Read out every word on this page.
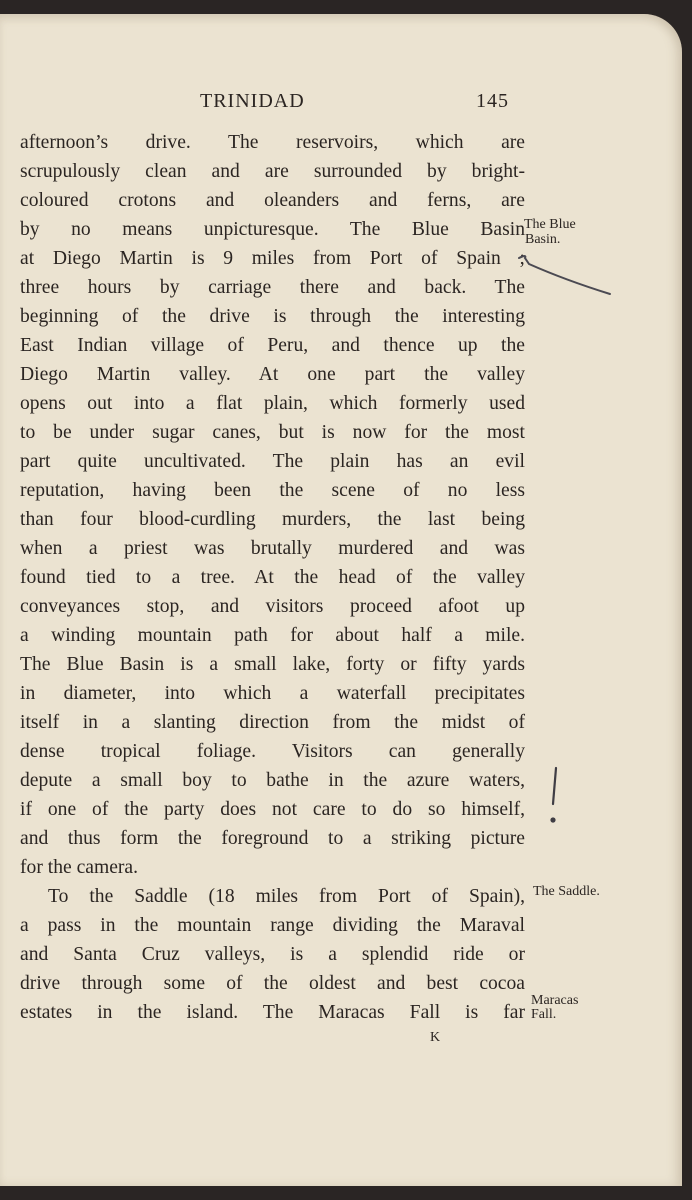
TRINIDAD	145
afternoon’s drive. The reservoirs, which are
scrupulously clean and are surrounded by bright-
coloured crotons and oleanders and ferns, are
by no means unpicturesque. The Blue Basin
at Diego Martin is 9 miles from Port of Spain ;
three hours by carriage there and back. The
beginning of the drive is through the interesting
East Indian village of Peru, and thence up the
Diego Martin valley. At one part the valley
opens out into a flat plain, which formerly used
to be under sugar canes, but is now for the most
part quite uncultivated. The plain has an evil
reputation, having been the scene of no less
than four blood-curdling murders, the last being
when a priest was brutally murdered and was
found tied to a tree. At the head of the valley
conveyances stop, and visitors proceed afoot up
a winding mountain path for about half a mile.
The Blue Basin is a small lake, forty or fifty yards
in diameter, into which a waterfall precipitates
itself in a slanting direction from the midst of
dense tropical foliage. Visitors can generally
depute a small boy to bathe in the azure waters,
if one of the party does not care to do so himself,
and thus form the foreground to a striking picture
for the camera.
To the Saddle (18 miles from Port of Spain),
a pass in the mountain range dividing the Maraval
and Santa Cruz valleys, is a splendid ride or
drive through some of the oldest and best cocoa
estates in the island. The Maracas Fall is far
The Blue
Basin.
The Saddle.
Maracas
Fall.
K
